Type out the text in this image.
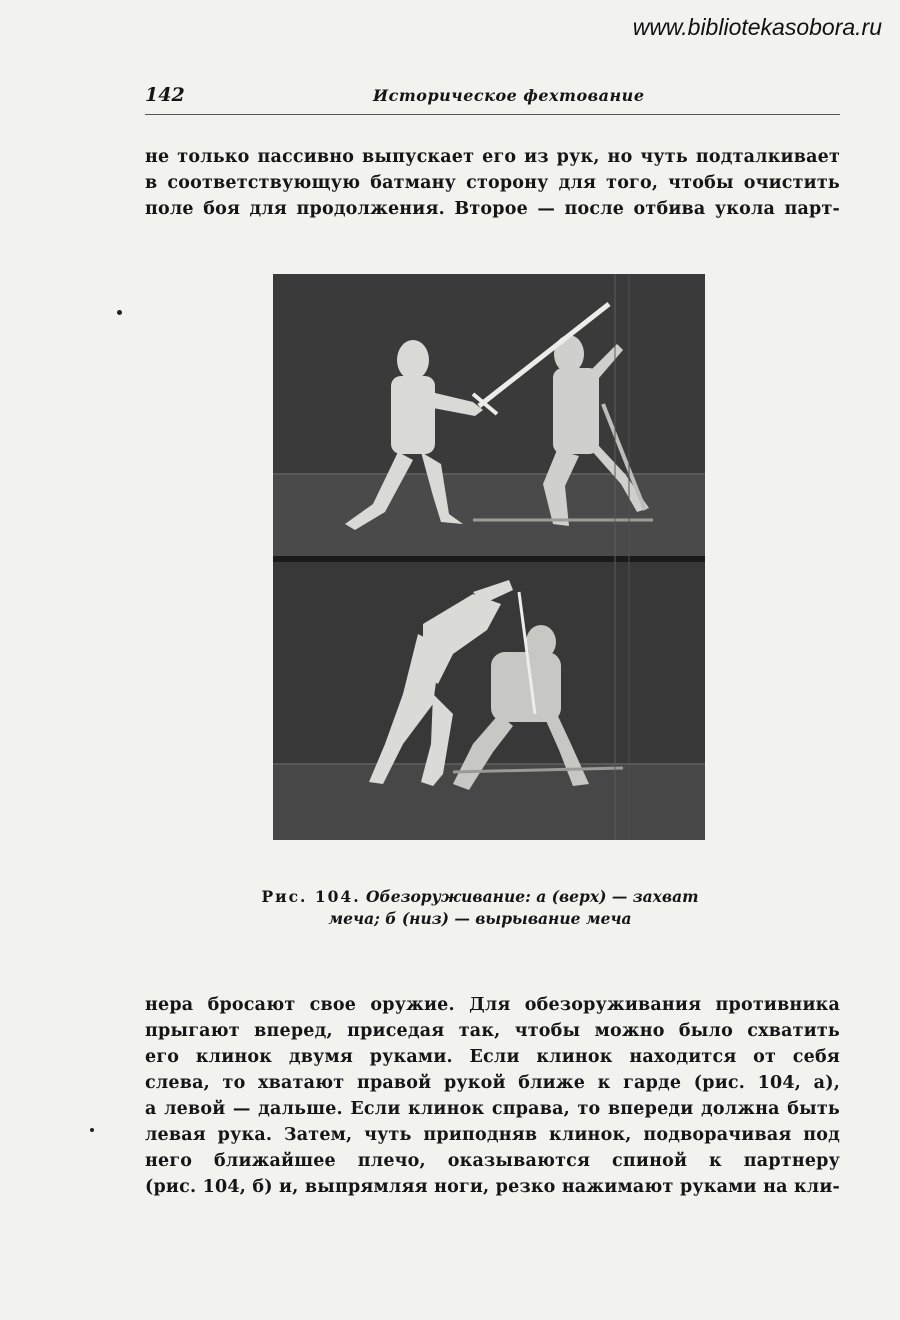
www.bibliotekasobora.ru
142	Историческое фехтование
не только пассивно выпускает его из рук, но чуть подталкивает
в соответствующую батману сторону для того, чтобы очистить
поле боя для продолжения. Второе — после отбива укола парт-
Рис. 104. Обезоруживание: а (верх) — захват
меча; б (низ) — вырывание меча
нера бросают свое оружие. Для обезоруживания противника
прыгают вперед, приседая так, чтобы можно было схватить
его клинок двумя руками. Если клинок находится от себя
слева, то хватают правой рукой ближе к гарде (рис. 104, а),
а левой — дальше. Если клинок справа, то впереди должна быть
левая рука. Затем, чуть приподняв клинок, подворачивая под
него ближайшее плечо, оказываются спиной к партнеру
(рис. 104, б) и, выпрямляя ноги, резко нажимают руками на кли-
